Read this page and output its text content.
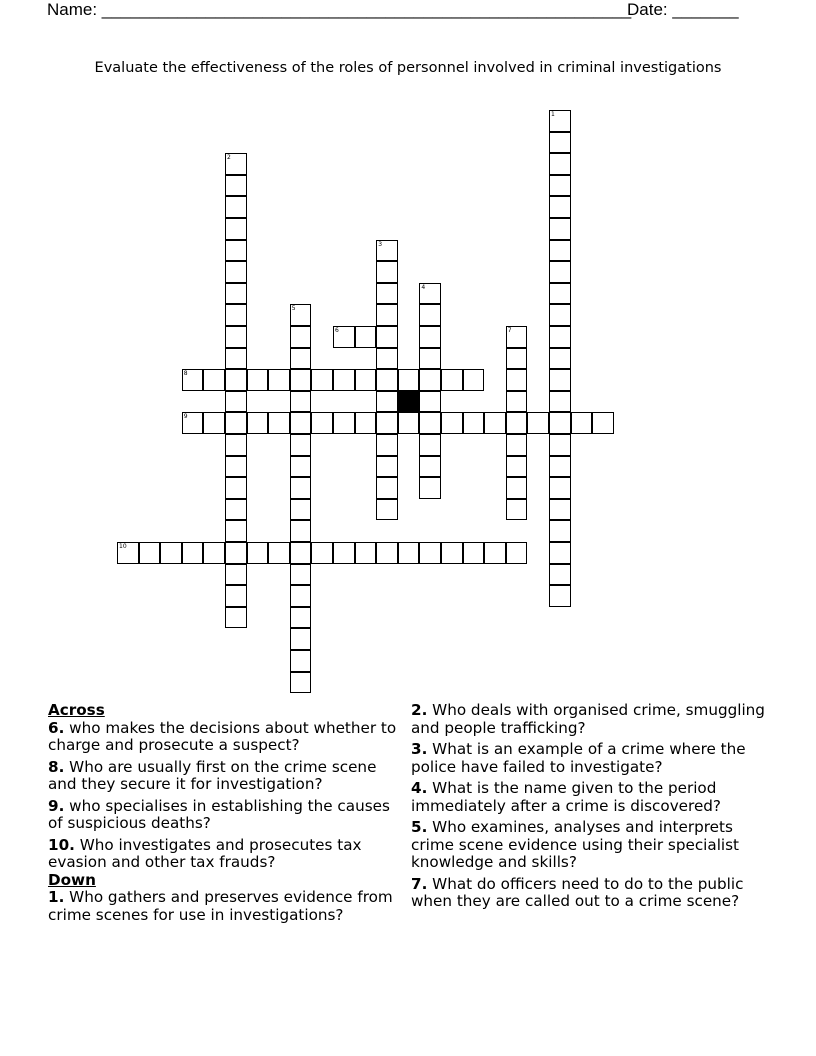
Name: ________________________________________________________
Date: _______
Evaluate the effectiveness of the roles of personnel involved in criminal investigations
1
2
3
4
5
6	7
8
9
10

Across

6. who makes the decisions about whether to charge and prosecute a suspect?

8. Who are usually first on the crime scene and they secure it for investigation?

9. who specialises in establishing the causes of suspicious deaths?

10. Who investigates and prosecutes tax evasion and other tax frauds?

Down

1. Who gathers and preserves evidence from crime scenes for use in investigations?

2. Who deals with organised crime, smuggling and people trafficking?

3. What is an example of a crime where the police have failed to investigate?

4. What is the name given to the period immediately after a crime is discovered?

5. Who examines, analyses and interprets crime scene evidence using their specialist knowledge and skills?

7. What do officers need to do to the public when they are called out to a crime scene?
